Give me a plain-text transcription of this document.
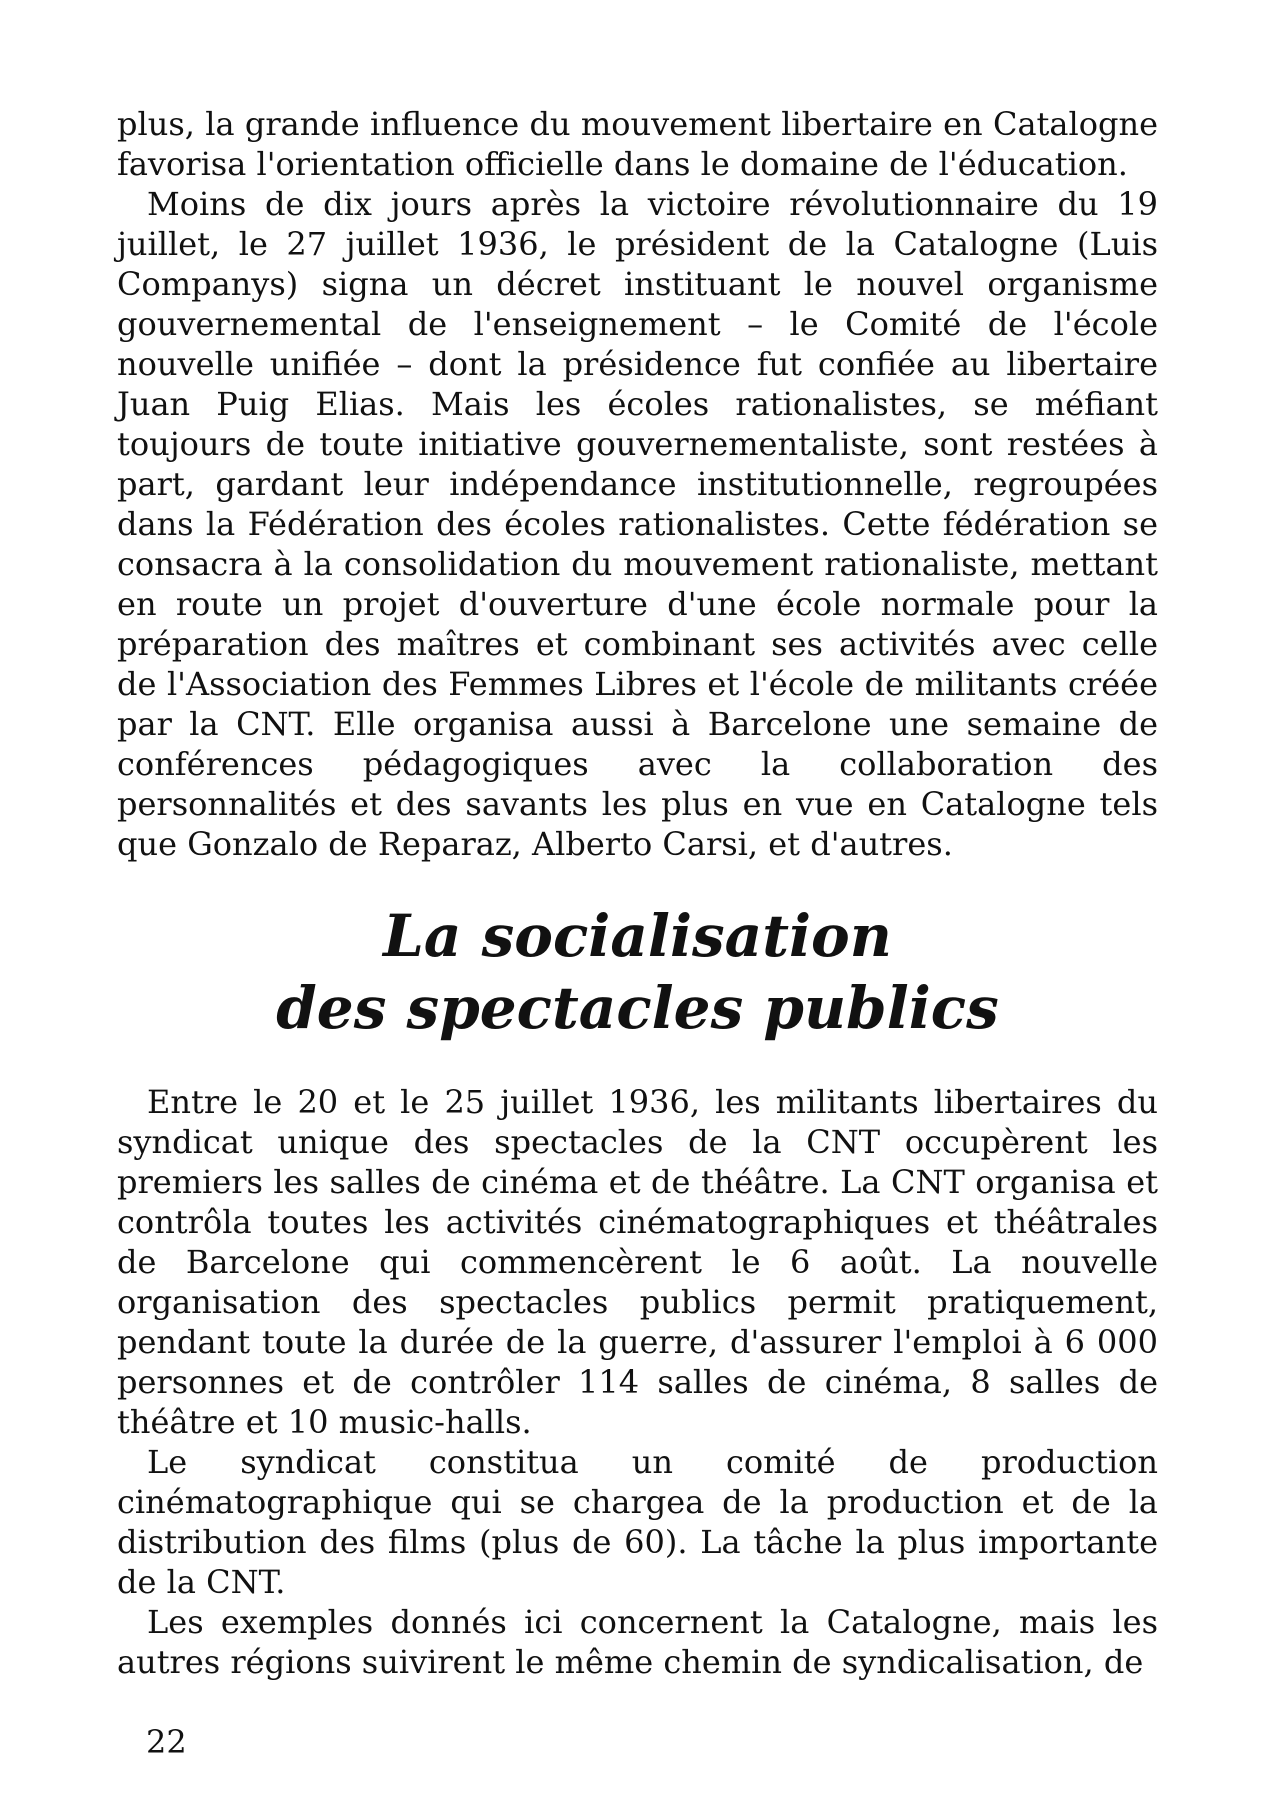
plus, la grande influence du mouvement libertaire en Catalogne favorisa l'orientation officielle dans le domaine de l'éducation.

Moins de dix jours après la victoire révolutionnaire du 19 juillet, le 27 juillet 1936, le président de la Catalogne (Luis Companys) signa un décret instituant le nouvel organisme gouvernemental de l'enseignement – le Comité de l'école nouvelle unifiée – dont la présidence fut confiée au libertaire Juan Puig Elias. Mais les écoles rationalistes, se méfiant toujours de toute initiative gouvernementaliste, sont restées à part, gardant leur indépendance institutionnelle, regroupées dans la Fédération des écoles rationalistes. Cette fédération se consacra à la consolidation du mouvement rationaliste, mettant en route un projet d'ouverture d'une école normale pour la préparation des maîtres et combinant ses activités avec celle de l'Association des Femmes Libres et l'école de militants créée par la CNT. Elle organisa aussi à Barcelone une semaine de conférences pédagogiques avec la collaboration des personnalités et des savants les plus en vue en Catalogne tels que Gonzalo de Reparaz, Alberto Carsi, et d'autres.

La socialisation
des spectacles publics

Entre le 20 et le 25 juillet 1936, les militants libertaires du syndicat unique des spectacles de la CNT occupèrent les premiers les salles de cinéma et de théâtre. La CNT organisa et contrôla toutes les activités cinématographiques et théâtrales de Barcelone qui commencèrent le 6 août. La nouvelle organisation des spectacles publics permit pratiquement, pendant toute la durée de la guerre, d'assurer l'emploi à 6 000 personnes et de contrôler 114 salles de cinéma, 8 salles de théâtre et 10 music-halls.

Le syndicat constitua un comité de production cinématographique qui se chargea de la production et de la distribution des films (plus de 60). La tâche la plus importante de la CNT.

Les exemples donnés ici concernent la Catalogne, mais les autres régions suivirent le même chemin de syndicalisation, de

22
